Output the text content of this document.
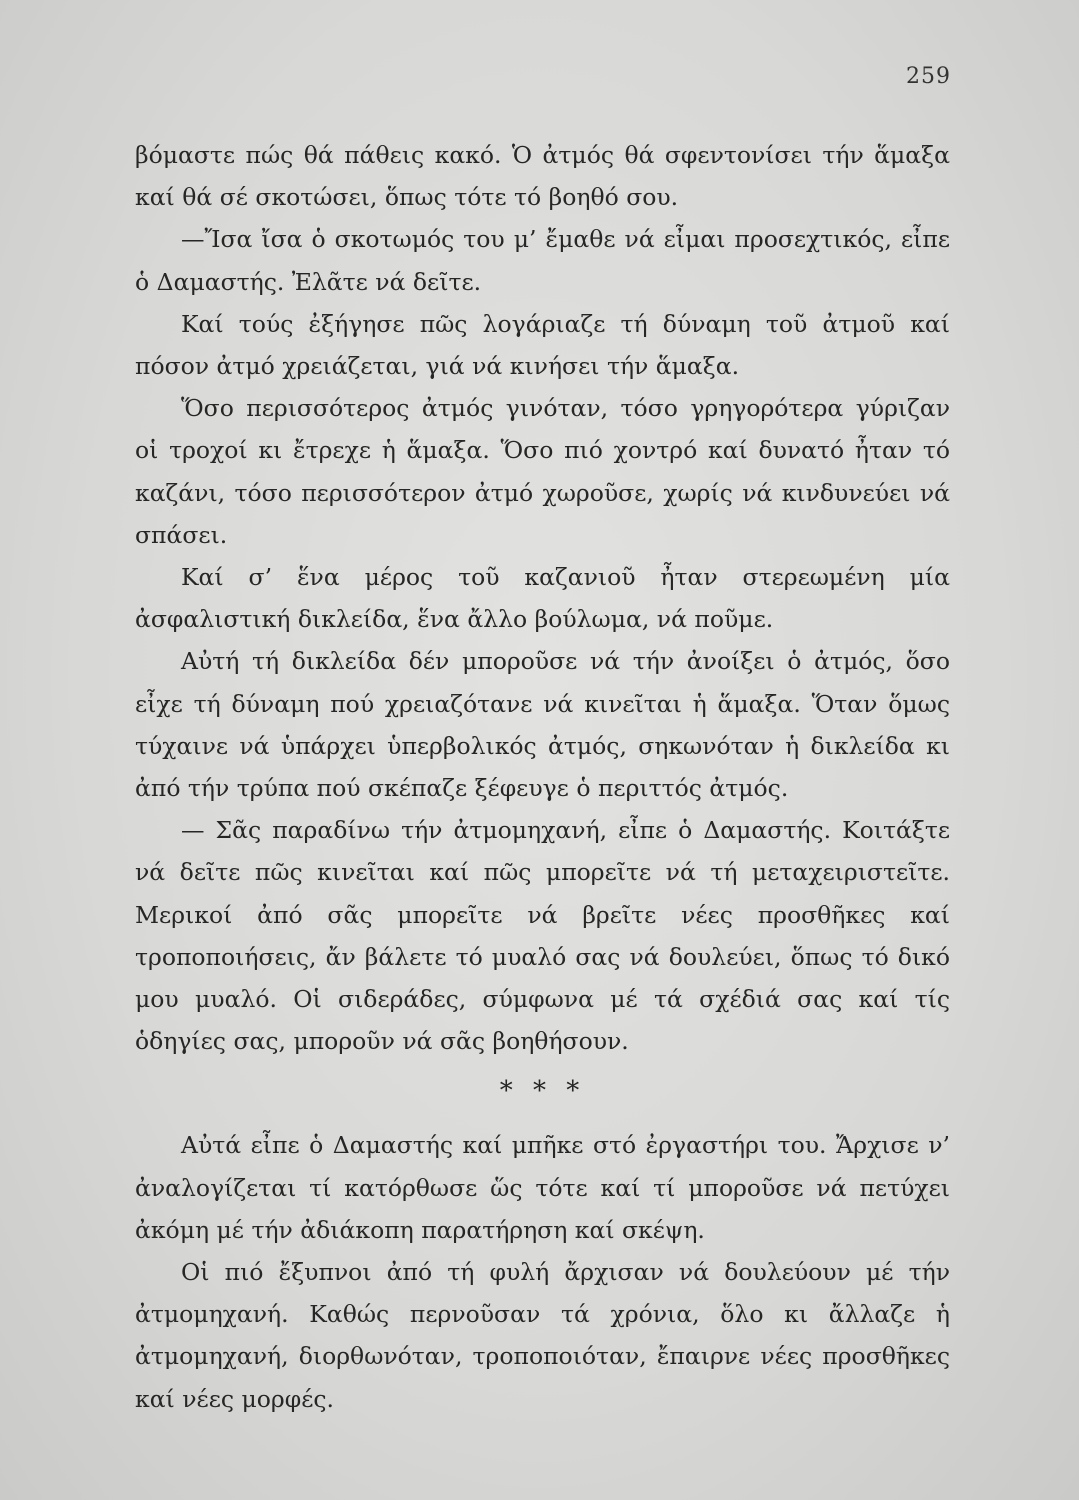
259

βόμαστε πώς θά πάθεις κακό. Ὁ ἀτμός θά σφεντονίσει τήν ἅμαξα καί θά σέ σκοτώσει, ὅπως τότε τό βοηθό σου.

—Ἴσα ἴσα ὁ σκοτωμός του μ’ ἔμαθε νά εἶμαι προσεχτικός, εἶπε ὁ Δαμαστής. Ἐλᾶτε νά δεῖτε.

Καί τούς ἐξήγησε πῶς λογάριαζε τή δύναμη τοῦ ἀτμοῦ καί πόσον ἀτμό χρειάζεται, γιά νά κινήσει τήν ἅμαξα.

Ὅσο περισσότερος ἀτμός γινόταν, τόσο γρηγορότερα γύριζαν οἱ τροχοί κι ἔτρεχε ἡ ἅμαξα. Ὅσο πιό χοντρό καί δυνατό ἦταν τό καζάνι, τόσο περισσότερον ἀτμό χωροῦσε, χωρίς νά κινδυνεύει νά σπάσει.

Καί σ’ ἕνα μέρος τοῦ καζανιοῦ ἦταν στερεωμένη μία ἀσφαλιστική δικλείδα, ἕνα ἄλλο βούλωμα, νά ποῦμε.

Αὐτή τή δικλείδα δέν μποροῦσε νά τήν ἀνοίξει ὁ ἀτμός, ὅσο εἶχε τή δύναμη πού χρειαζότανε νά κινεῖται ἡ ἅμαξα. Ὅταν ὅμως τύχαινε νά ὑπάρχει ὑπερβολικός ἀτμός, σηκωνόταν ἡ δικλείδα κι ἀπό τήν τρύπα πού σκέπαζε ξέφευγε ὁ περιττός ἀτμός.

— Σᾶς παραδίνω τήν ἀτμομηχανή, εἶπε ὁ Δαμαστής. Κοιτάξτε νά δεῖτε πῶς κινεῖται καί πῶς μπορεῖτε νά τή μεταχειριστεῖτε. Μερικοί ἀπό σᾶς μπορεῖτε νά βρεῖτε νέες προσθῆκες καί τροποποιήσεις, ἄν βάλετε τό μυαλό σας νά δουλεύει, ὅπως τό δικό μου μυαλό. Οἱ σιδεράδες, σύμφωνα μέ τά σχέδιά σας καί τίς ὁδηγίες σας, μποροῦν νά σᾶς βοηθήσουν.

* * *

Αὐτά εἶπε ὁ Δαμαστής καί μπῆκε στό ἐργαστήρι του. Ἄρχισε ν’ ἀναλογίζεται τί κατόρθωσε ὥς τότε καί τί μποροῦσε νά πετύχει ἀκόμη μέ τήν ἀδιάκοπη παρατήρηση καί σκέψη.

Οἱ πιό ἔξυπνοι ἀπό τή φυλή ἄρχισαν νά δουλεύουν μέ τήν ἀτμομηχανή. Καθώς περνοῦσαν τά χρόνια, ὅλο κι ἄλλαζε ἡ ἀτμομηχανή, διορθωνόταν, τροποποιόταν, ἔπαιρνε νέες προσθῆκες καί νέες μορφές.
